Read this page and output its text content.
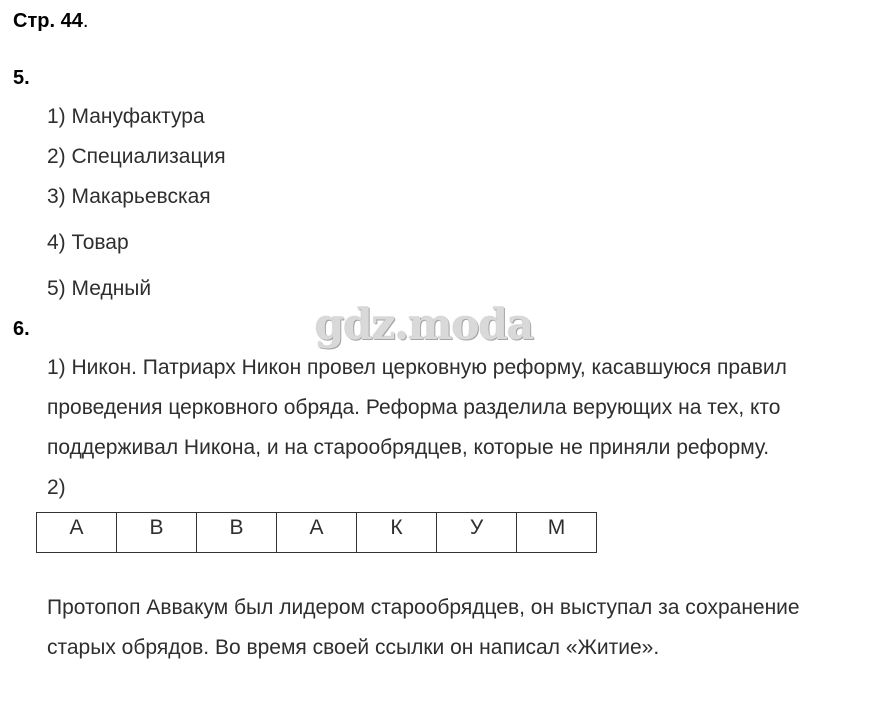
Стр. 44.
5.
1) Мануфактура
2) Специализация
3) Макарьевская
4) Товар
5) Медный
6.	gdz.moda
1) Никон. Патриарх Никон провел церковную реформу, касавшуюся правил
проведения церковного обряда. Реформа разделила верующих на тех, кто
поддерживал Никона, и на старообрядцев, которые не приняли реформу.
2)
А	В	В	А	К	У	М
Протопоп Аввакум был лидером старообрядцев, он выступал за сохранение
старых обрядов. Во время своей ссылки он написал «Житие».
